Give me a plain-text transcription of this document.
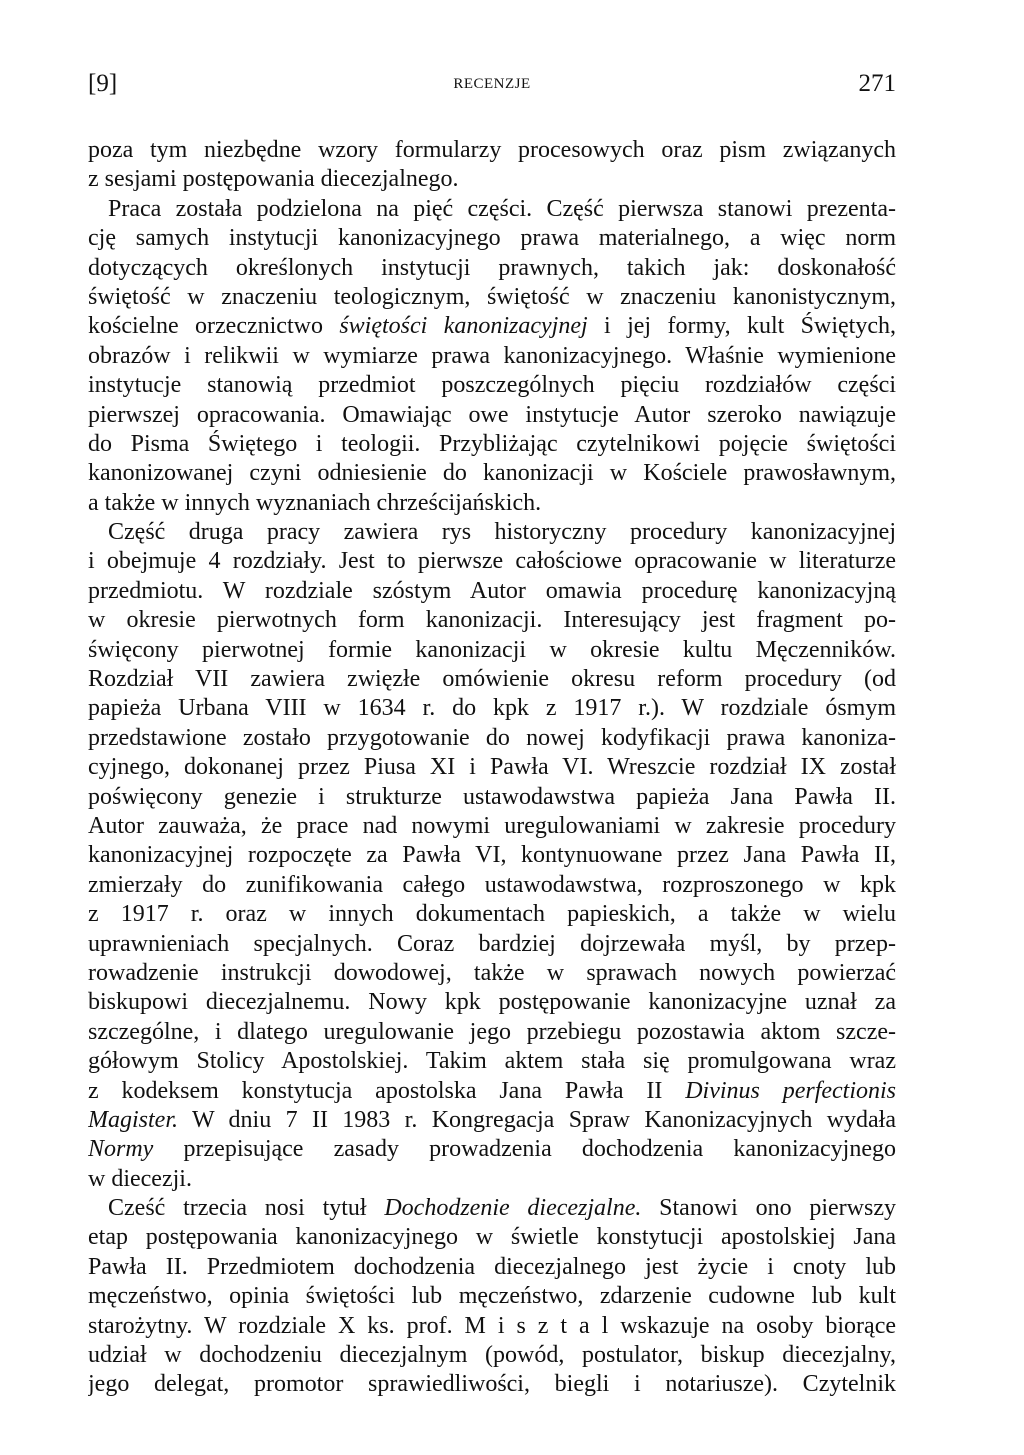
[9]	RECENZJE	271
poza tym niezbędne wzory formularzy procesowych oraz pism związanych
z sesjami postępowania diecezjalnego.
Praca została podzielona na pięć części. Część pierwsza stanowi prezenta-
cję samych instytucji kanonizacyjnego prawa materialnego, a więc norm
dotyczących określonych instytucji prawnych, takich jak: doskonałość
świętość w znaczeniu teologicznym, świętość w znaczeniu kanonistycznym,
kościelne orzecznictwo świętości kanonizacyjnej i jej formy, kult Świętych,
obrazów i relikwii w wymiarze prawa kanonizacyjnego. Właśnie wymienione
instytucje stanowią przedmiot poszczególnych pięciu rozdziałów części
pierwszej opracowania. Omawiając owe instytucje Autor szeroko nawiązuje
do Pisma Świętego i teologii. Przybliżając czytelnikowi pojęcie świętości
kanonizowanej czyni odniesienie do kanonizacji w Kościele prawosławnym,
a także w innych wyznaniach chrześcijańskich.
Część druga pracy zawiera rys historyczny procedury kanonizacyjnej
i obejmuje 4 rozdziały. Jest to pierwsze całościowe opracowanie w literaturze
przedmiotu. W rozdziale szóstym Autor omawia procedurę kanonizacyjną
w okresie pierwotnych form kanonizacji. Interesujący jest fragment po-
święcony pierwotnej formie kanonizacji w okresie kultu Męczenników.
Rozdział VII zawiera zwięzłe omówienie okresu reform procedury (od
papieża Urbana VIII w 1634 r. do kpk z 1917 r.). W rozdziale ósmym
przedstawione zostało przygotowanie do nowej kodyfikacji prawa kanoniza-
cyjnego, dokonanej przez Piusa XI i Pawła VI. Wreszcie rozdział IX został
poświęcony genezie i strukturze ustawodawstwa papieża Jana Pawła II.
Autor zauważa, że prace nad nowymi uregulowaniami w zakresie procedury
kanonizacyjnej rozpoczęte za Pawła VI, kontynuowane przez Jana Pawła II,
zmierzały do zunifikowania całego ustawodawstwa, rozproszonego w kpk
z 1917 r. oraz w innych dokumentach papieskich, a także w wielu
uprawnieniach specjalnych. Coraz bardziej dojrzewała myśl, by przep-
rowadzenie instrukcji dowodowej, także w sprawach nowych powierzać
biskupowi diecezjalnemu. Nowy kpk postępowanie kanonizacyjne uznał za
szczególne, i dlatego uregulowanie jego przebiegu pozostawia aktom szcze-
gółowym Stolicy Apostolskiej. Takim aktem stała się promulgowana wraz
z kodeksem konstytucja apostolska Jana Pawła II Divinus perfectionis
Magister. W dniu 7 II 1983 r. Kongregacja Spraw Kanonizacyjnych wydała
Normy przepisujące zasady prowadzenia dochodzenia kanonizacyjnego
w diecezji.
Cześć trzecia nosi tytuł Dochodzenie diecezjalne. Stanowi ono pierwszy
etap postępowania kanonizacyjnego w świetle konstytucji apostolskiej Jana
Pawła II. Przedmiotem dochodzenia diecezjalnego jest życie i cnoty lub
męczeństwo, opinia świętości lub męczeństwo, zdarzenie cudowne lub kult
starożytny. W rozdziale X ks. prof. M i s z t a l wskazuje na osoby biorące
udział w dochodzeniu diecezjalnym (powód, postulator, biskup diecezjalny,
jego delegat, promotor sprawiedliwości, biegli i notariusze). Czytelnik
